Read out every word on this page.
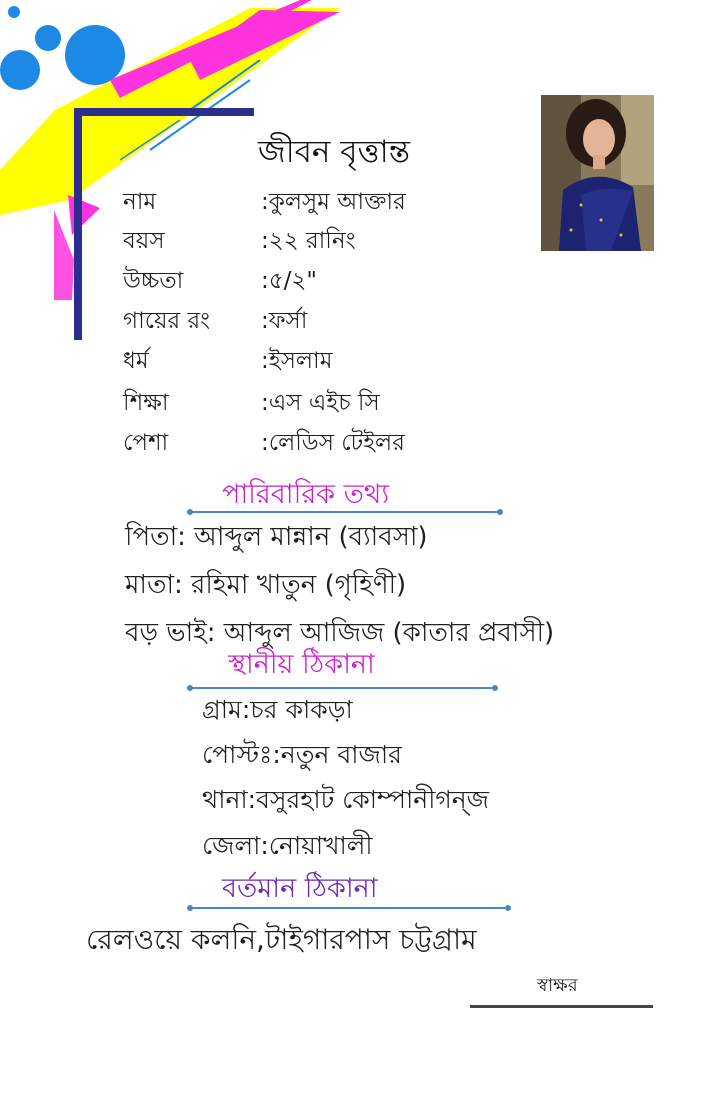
জীবন বৃত্তান্ত
নাম	:কুলসুম আক্তার
বয়স	:২২ রানিং
উচ্চতা	:৫/২"
গায়ের রং :ফর্সা
ধর্ম	:ইসলাম
শিক্ষা	:এস এইচ সি
পেশা	:লেডিস টেইলর
পারিবারিক তথ্য
পিতা: আব্দুল মান্নান (ব্যাবসা)
মাতা: রহিমা খাতুন (গৃহিণী)
বড় ভাই: আব্দুল আজিজ (কাতার প্রবাসী)
স্থানীয় ঠিকানা
গ্রাম:চর কাকড়া
পোস্টঃ:নতুন বাজার
থানা:বসুরহাট কোম্পানীগন্জ
জেলা:নোয়াখালী
বর্তমান ঠিকানা
রেলওয়ে কলনি,টাইগারপাস চট্টগ্রাম
স্বাক্ষর
